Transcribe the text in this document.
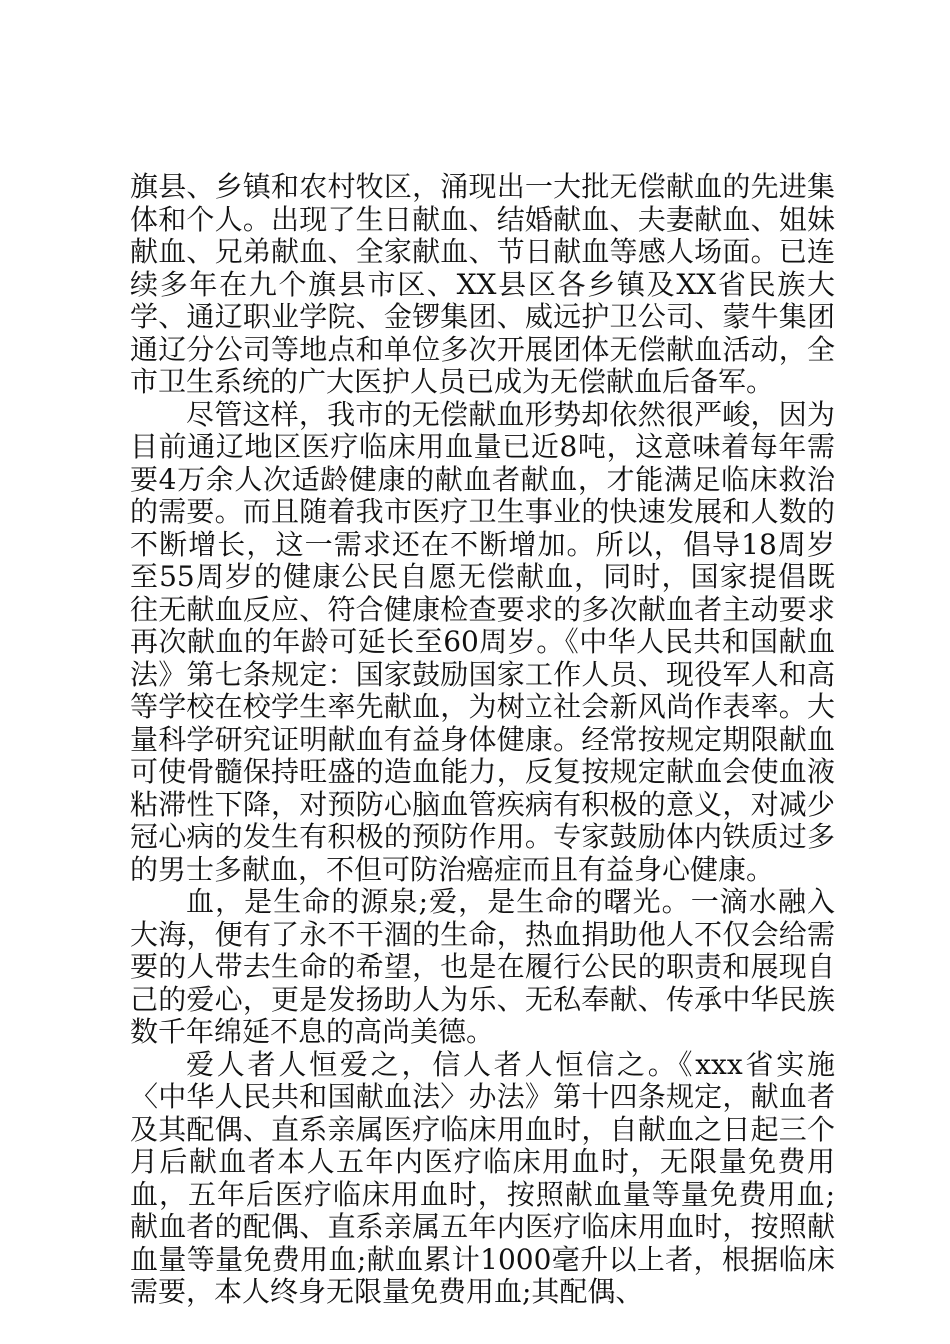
旗县、乡镇和农村牧区，涌现出一大批无偿献血的先进集体和个人。出现了生日献血、结婚献血、夫妻献血、姐妹献血、兄弟献血、全家献血、节日献血等感人场面。已连续多年在九个旗县市区、XX县区各乡镇及XX省民族大学、通辽职业学院、金锣集团、威远护卫公司、蒙牛集团通辽分公司等地点和单位多次开展团体无偿献血活动，全市卫生系统的广大医护人员已成为无偿献血后备军。

尽管这样，我市的无偿献血形势却依然很严峻，因为目前通辽地区医疗临床用血量已近8吨，这意味着每年需要4万余人次适龄健康的献血者献血，才能满足临床救治的需要。而且随着我市医疗卫生事业的快速发展和人数的不断增长，这一需求还在不断增加。所以，倡导18周岁至55周岁的健康公民自愿无偿献血，同时，国家提倡既往无献血反应、符合健康检查要求的多次献血者主动要求再次献血的年龄可延长至60周岁。《中华人民共和国献血法》第七条规定：国家鼓励国家工作人员、现役军人和高等学校在校学生率先献血，为树立社会新风尚作表率。大量科学研究证明献血有益身体健康。经常按规定期限献血可使骨髓保持旺盛的造血能力，反复按规定献血会使血液粘滞性下降，对预防心脑血管疾病有积极的意义，对减少冠心病的发生有积极的预防作用。专家鼓励体内铁质过多的男士多献血，不但可防治癌症而且有益身心健康。

血，是生命的源泉;爱，是生命的曙光。一滴水融入大海，便有了永不干涸的生命，热血捐助他人不仅会给需要的人带去生命的希望，也是在履行公民的职责和展现自己的爱心，更是发扬助人为乐、无私奉献、传承中华民族数千年绵延不息的高尚美德。

爱人者人恒爱之，信人者人恒信之。《xxx省实施〈中华人民共和国献血法〉办法》第十四条规定，献血者及其配偶、直系亲属医疗临床用血时，自献血之日起三个月后献血者本人五年内医疗临床用血时，无限量免费用血，五年后医疗临床用血时，按照献血量等量免费用血;献血者的配偶、直系亲属五年内医疗临床用血时，按照献血量等量免费用血;献血累计1000毫升以上者，根据临床需要，本人终身无限量免费用血;其配偶、
